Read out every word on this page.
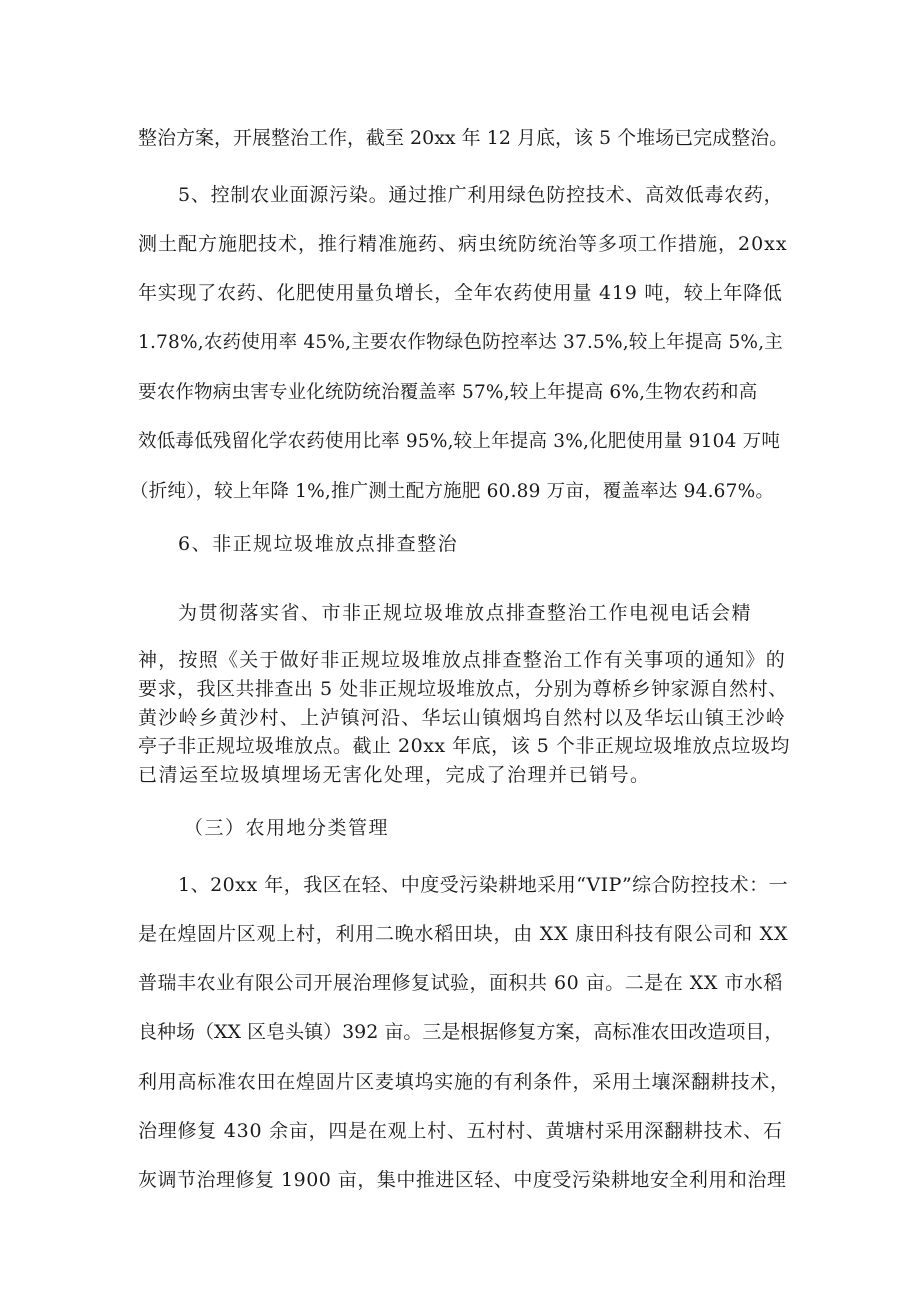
整治方案，开展整治工作，截至 20xx 年 12 月底，该 5 个堆场已完成整治。
5、控制农业面源污染。通过推广利用绿色防控技术、高效低毒农药，
测土配方施肥技术，推行精准施药、病虫统防统治等多项工作措施，20xx
年实现了农药、化肥使用量负增长，全年农药使用量 419 吨，较上年降低
1.78%,农药使用率 45%,主要农作物绿色防控率达 37.5%,较上年提高 5%,主
要农作物病虫害专业化统防统治覆盖率 57%,较上年提高 6%,生物农药和高
效低毒低残留化学农药使用比率 95%,较上年提高 3%,化肥使用量 9104 万吨
（折纯），较上年降 1%,推广测土配方施肥 60.89 万亩，覆盖率达 94.67%。
6、非正规垃圾堆放点排查整治
为贯彻落实省、市非正规垃圾堆放点排查整治工作电视电话会精
神，按照《关于做好非正规垃圾堆放点排查整治工作有关事项的通知》的
要求，我区共排查出 5 处非正规垃圾堆放点，分别为尊桥乡钟家源自然村、
黄沙岭乡黄沙村、上泸镇河沿、华坛山镇烟坞自然村以及华坛山镇王沙岭
亭子非正规垃圾堆放点。截止 20xx 年底，该 5 个非正规垃圾堆放点垃圾均
已清运至垃圾填埋场无害化处理，完成了治理并已销号。
（三）农用地分类管理
1、20xx 年，我区在轻、中度受污染耕地采用“VIP”综合防控技术：一
是在煌固片区观上村，利用二晚水稻田块，由 XX 康田科技有限公司和 XX
普瑞丰农业有限公司开展治理修复试验，面积共 60 亩。二是在 XX 市水稻
良种场（XX 区皂头镇）392 亩。三是根据修复方案，高标准农田改造项目，
利用高标准农田在煌固片区麦填坞实施的有利条件，采用土壤深翻耕技术，
治理修复 430 余亩，四是在观上村、五村村、黄塘村采用深翻耕技术、石
灰调节治理修复 1900 亩，集中推进区轻、中度受污染耕地安全利用和治理
